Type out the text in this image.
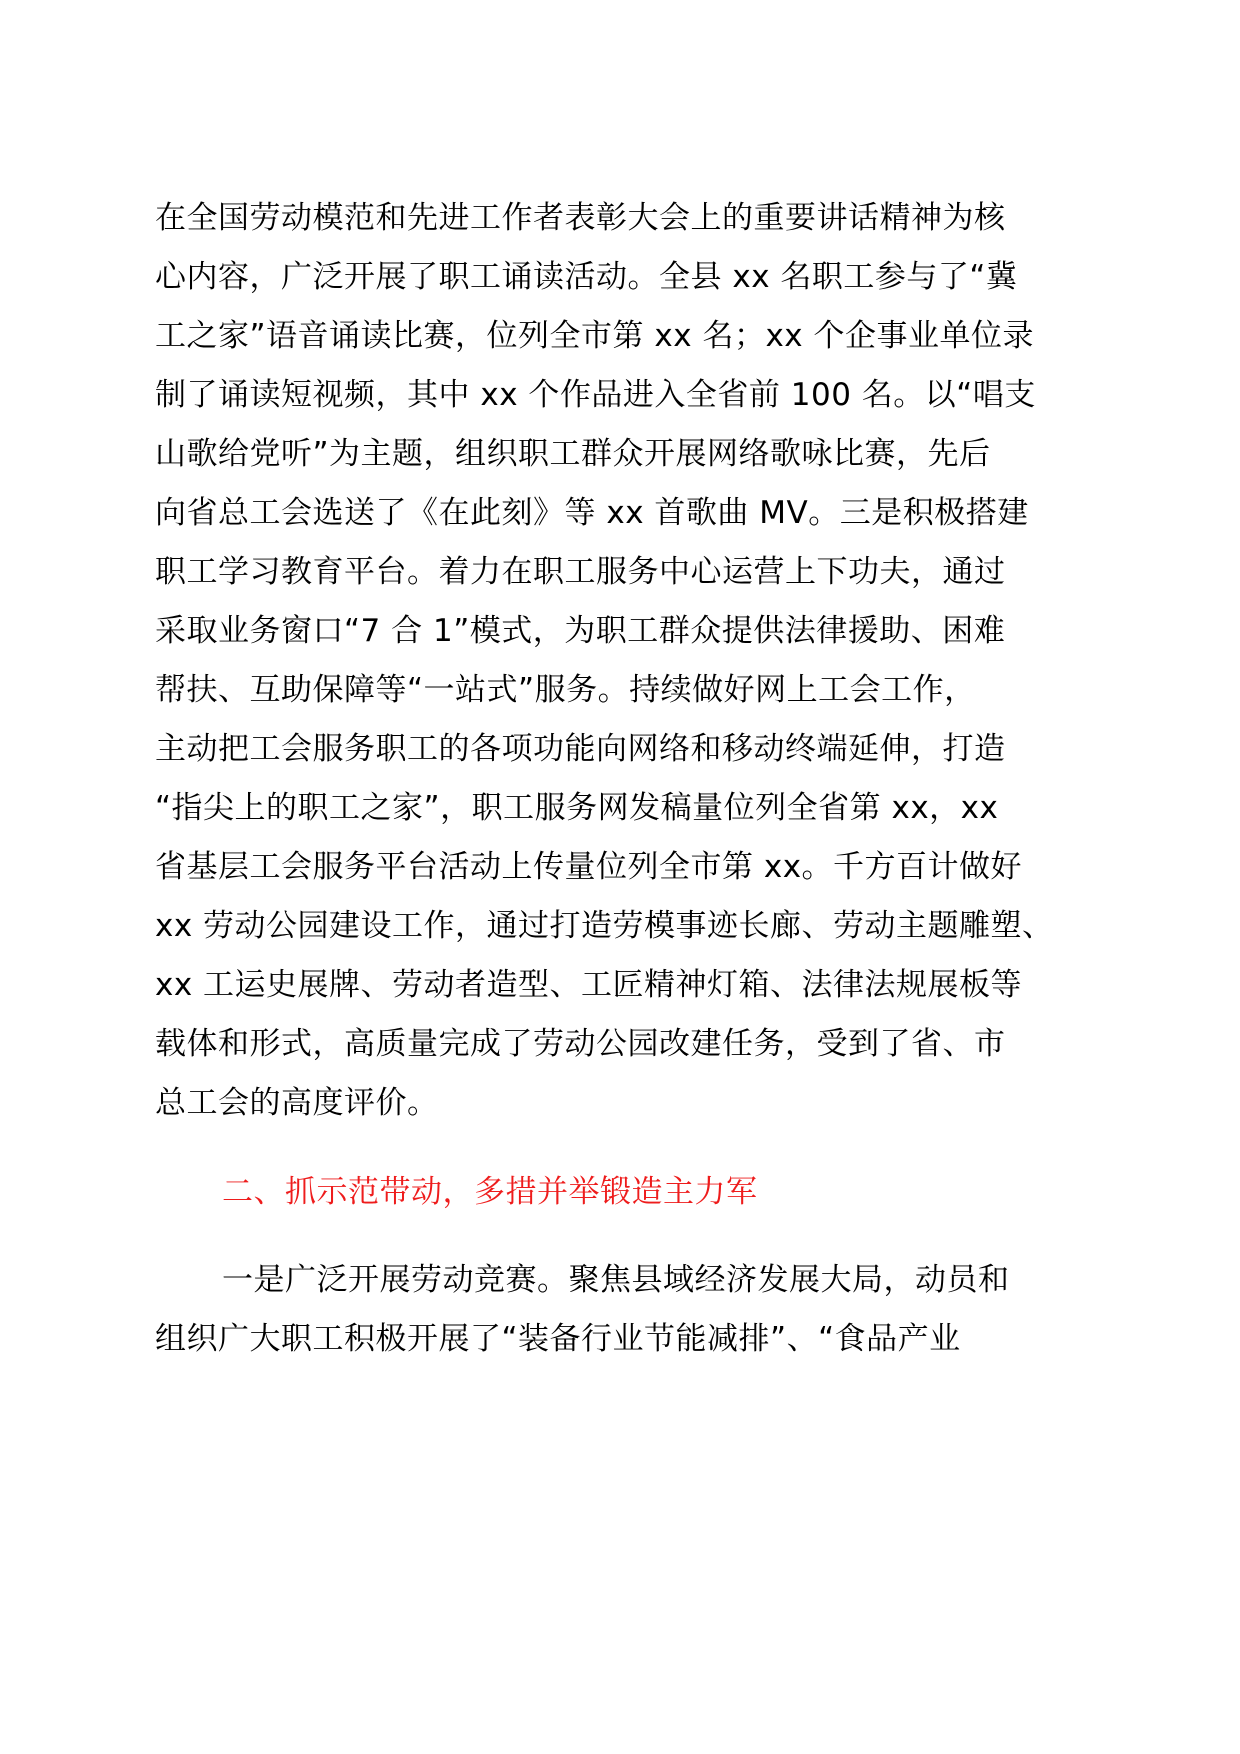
在全国劳动模范和先进工作者表彰大会上的重要讲话精神为核
心内容，广泛开展了职工诵读活动。全县 xx 名职工参与了“冀
工之家”语音诵读比赛，位列全市第 xx 名；xx 个企事业单位录
制了诵读短视频，其中 xx 个作品进入全省前 100 名。以“唱支
山歌给党听”为主题，组织职工群众开展网络歌咏比赛，先后
向省总工会选送了《在此刻》等 xx 首歌曲 MV。三是积极搭建
职工学习教育平台。着力在职工服务中心运营上下功夫，通过
采取业务窗口“7 合 1”模式，为职工群众提供法律援助、困难
帮扶、互助保障等“一站式”服务。持续做好网上工会工作，
主动把工会服务职工的各项功能向网络和移动终端延伸，打造
“指尖上的职工之家”，职工服务网发稿量位列全省第 xx，xx
省基层工会服务平台活动上传量位列全市第 xx。千方百计做好
xx 劳动公园建设工作，通过打造劳模事迹长廊、劳动主题雕塑、
xx 工运史展牌、劳动者造型、工匠精神灯箱、法律法规展板等
载体和形式，高质量完成了劳动公园改建任务，受到了省、市
总工会的高度评价。
二、抓示范带动，多措并举锻造主力军
一是广泛开展劳动竞赛。聚焦县域经济发展大局，动员和
组织广大职工积极开展了“装备行业节能减排”、“食品产业
